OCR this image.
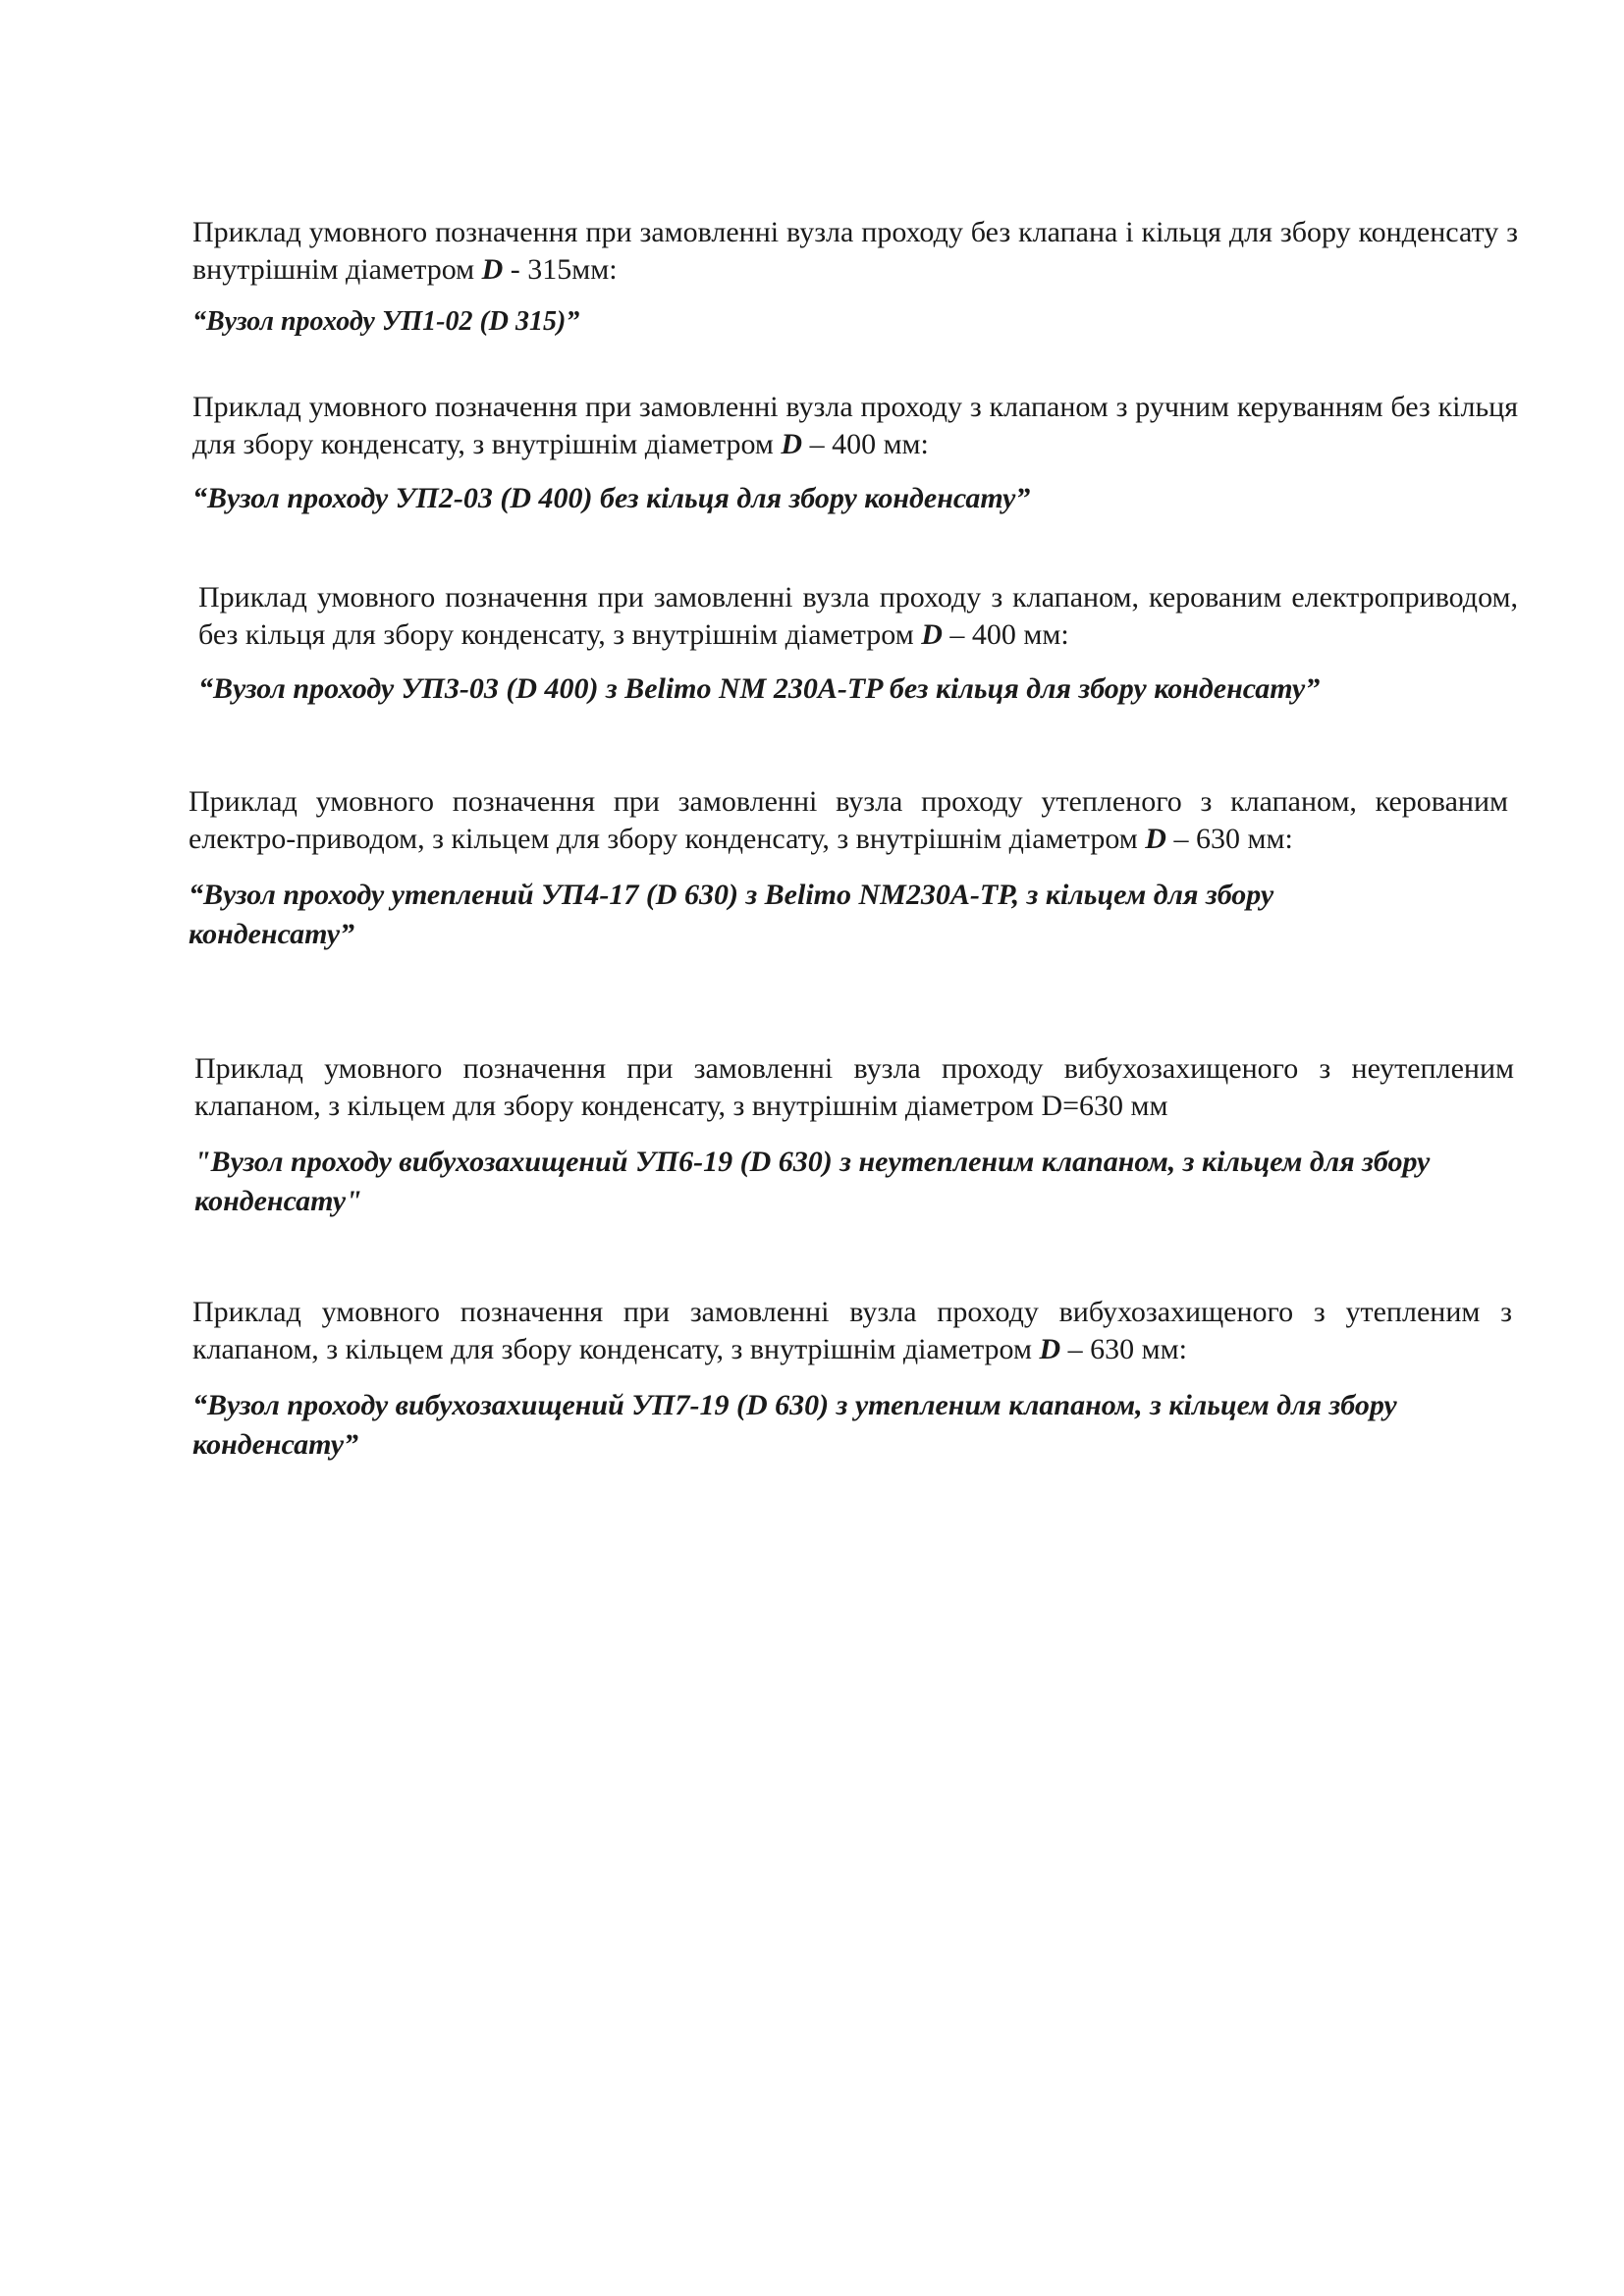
Приклад умовного позначення при замовленні вузла проходу без клапана і кільця для збору конденсату з внутрішнім діаметром D - 315мм:

“Вузол проходу УП1-02 (D 315)”

Приклад умовного позначення при замовленні вузла проходу з клапаном з ручним керуванням без кільця для збору конденсату, з внутрішнім діаметром D – 400 мм:

“Вузол проходу УП2-03 (D 400) без кільця для збору конденсату”

Приклад умовного позначення при замовленні вузла проходу з клапаном, керованим електроприводом, без кільця для збору конденсату, з внутрішнім діаметром D – 400 мм:

“Вузол проходу УП3-03 (D 400) з Belimo NM 230A-TP без кільця для збору конденсату”

Приклад умовного позначення при замовленні вузла проходу утепленого з клапаном, керованим електро-приводом, з кільцем для збору конденсату, з внутрішнім діаметром D – 630 мм:

“Вузол проходу утеплений УП4-17 (D 630) з Belimo NM230A-TP, з кільцем для збору конденсату”

Приклад умовного позначення при замовленні вузла проходу вибухозахищеного з неутепленим клапаном, з кільцем для збору конденсату, з внутрішнім діаметром D=630 мм

"Вузол проходу вибухозахищений УП6-19 (D 630) з неутепленим клапаном, з кільцем для збору конденсату"

Приклад умовного позначення при замовленні вузла проходу вибухозахищеного з утепленим з клапаном, з кільцем для збору конденсату, з внутрішнім діаметром D – 630 мм:

“Вузол проходу вибухозахищений УП7-19 (D 630) з утепленим клапаном, з кільцем для збору конденсату”
